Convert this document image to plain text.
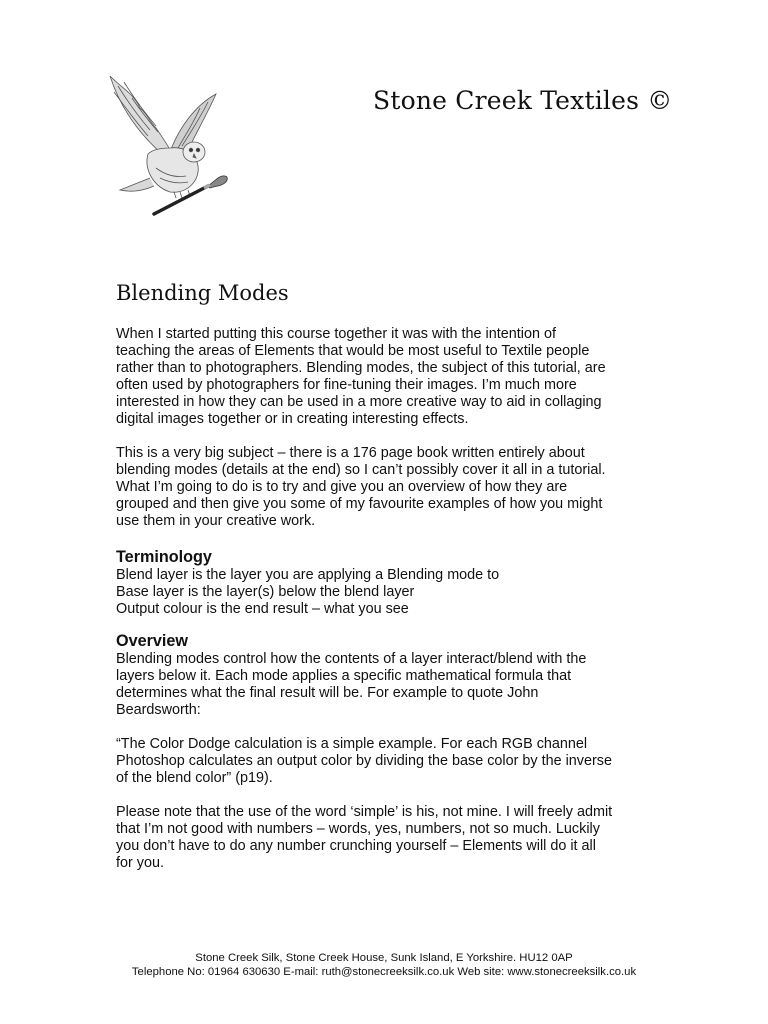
Stone Creek Textiles ©
Blending Modes

When I started putting this course together it was with the intention of
teaching the areas of Elements that would be most useful to Textile people
rather than to photographers. Blending modes, the subject of this tutorial, are
often used by photographers for fine-tuning their images. I’m much more
interested in how they can be used in a more creative way to aid in collaging
digital images together or in creating interesting effects.

This is a very big subject – there is a 176 page book written entirely about
blending modes (details at the end) so I can’t possibly cover it all in a tutorial.
What I’m going to do is to try and give you an overview of how they are
grouped and then give you some of my favourite examples of how you might
use them in your creative work.

Terminology
Blend layer is the layer you are applying a Blending mode to
Base layer is the layer(s) below the blend layer
Output colour is the end result – what you see
Overview

Blending modes control how the contents of a layer interact/blend with the
layers below it. Each mode applies a specific mathematical formula that
determines what the final result will be. For example to quote John
Beardsworth:

“The Color Dodge calculation is a simple example. For each RGB channel
Photoshop calculates an output color by dividing the base color by the inverse
of the blend color” (p19).

Please note that the use of the word ‘simple’ is his, not mine. I will freely admit
that I’m not good with numbers – words, yes, numbers, not so much. Luckily
you don’t have to do any number crunching yourself – Elements will do it all
for you.

Stone Creek Silk, Stone Creek House, Sunk Island, E Yorkshire. HU12 0AP
Telephone No: 01964 630630 E-mail: ruth@stonecreeksilk.co.uk Web site: www.stonecreeksilk.co.uk
